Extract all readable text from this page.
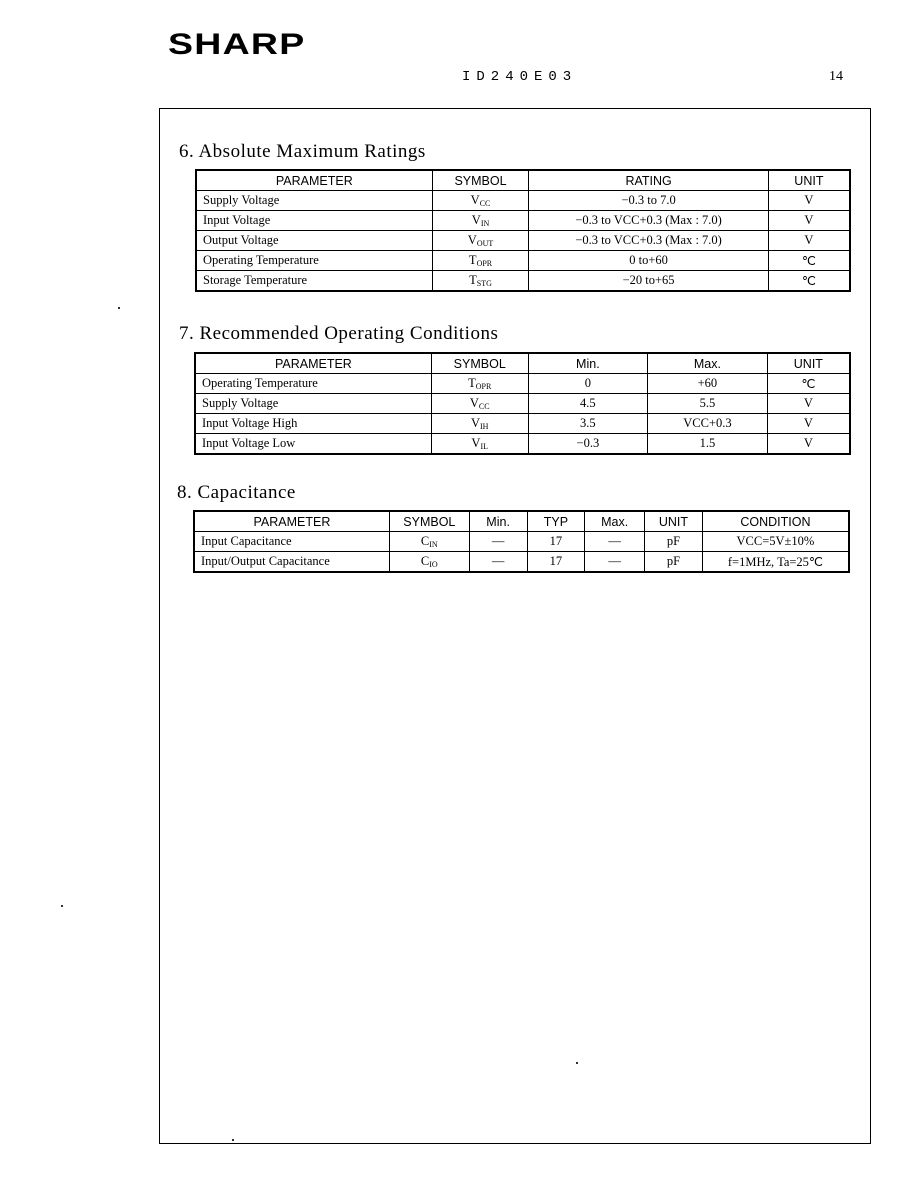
SHARP
ID240E03	14
6. Absolute Maximum Ratings
PARAMETER	SYMBOL	RATING	UNIT
Supply Voltage	$V_{CC}$	−0.3 to 7.0	V
Input Voltage	$V_{IN}$	−0.3 to VCC+0.3 (Max : 7.0)	V
Output Voltage	$V_{OUT}$	−0.3 to VCC+0.3 (Max : 7.0)	V
Operating Temperature	$T_{OPR}$	0 to+60	℃
Storage Temperature	$T_{STG}$	−20 to+65	℃
7. Recommended Operating Conditions
PARAMETER	SYMBOL	Min.	Max.	UNIT
Operating Temperature	$T_{OPR}$	0	+60	℃
Supply Voltage	$V_{CC}$	4.5	5.5	V
Input Voltage High	$V_{IH}$	3.5	VCC+0.3	V
Input Voltage Low	$V_{IL}$	−0.3	1.5	V
8. Capacitance
PARAMETER	SYMBOL	Min.	TYP	Max.	UNIT	CONDITION
Input Capacitance	$C_{IN}$	—	17	—	pF	VCC=5V±10%
Input/Output Capacitance	$C_{IO}$	—	17	—	pF	f=1MHz, Ta=25℃
